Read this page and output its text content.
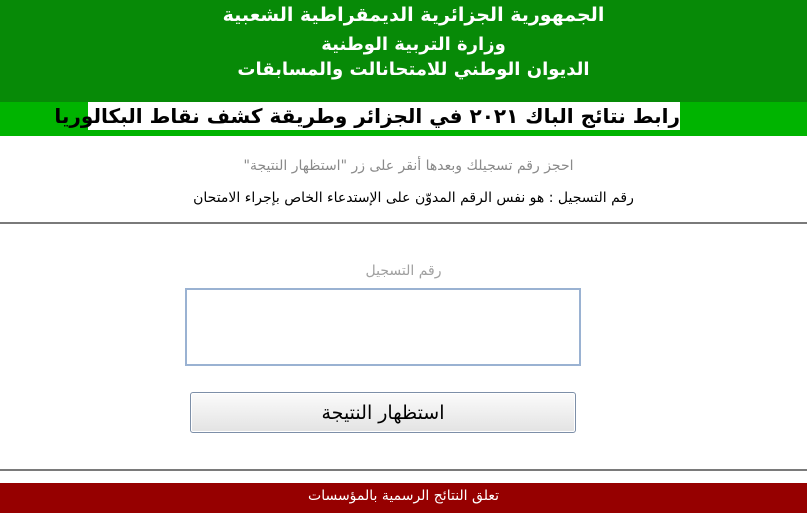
الجمهورية الجزائرية الديمقراطية الشعبية
وزارة التربية الوطنية
الديوان الوطني للامتحانالت والمسابقات
رابط نتائج الباك ٢٠٢١ في الجزائر وطريقة كشف نقاط البكالوريا
احجز رقم تسجيلك وبعدها أنقر على زر "استظهار النتيجة"
رقم التسجيل : هو نفس الرقم المدوّن على الإستدعاء الخاص بإجراء الامتحان
رقم التسجيل
استظهار النتيجة
تعلق النتائج الرسمية بالمؤسسات
